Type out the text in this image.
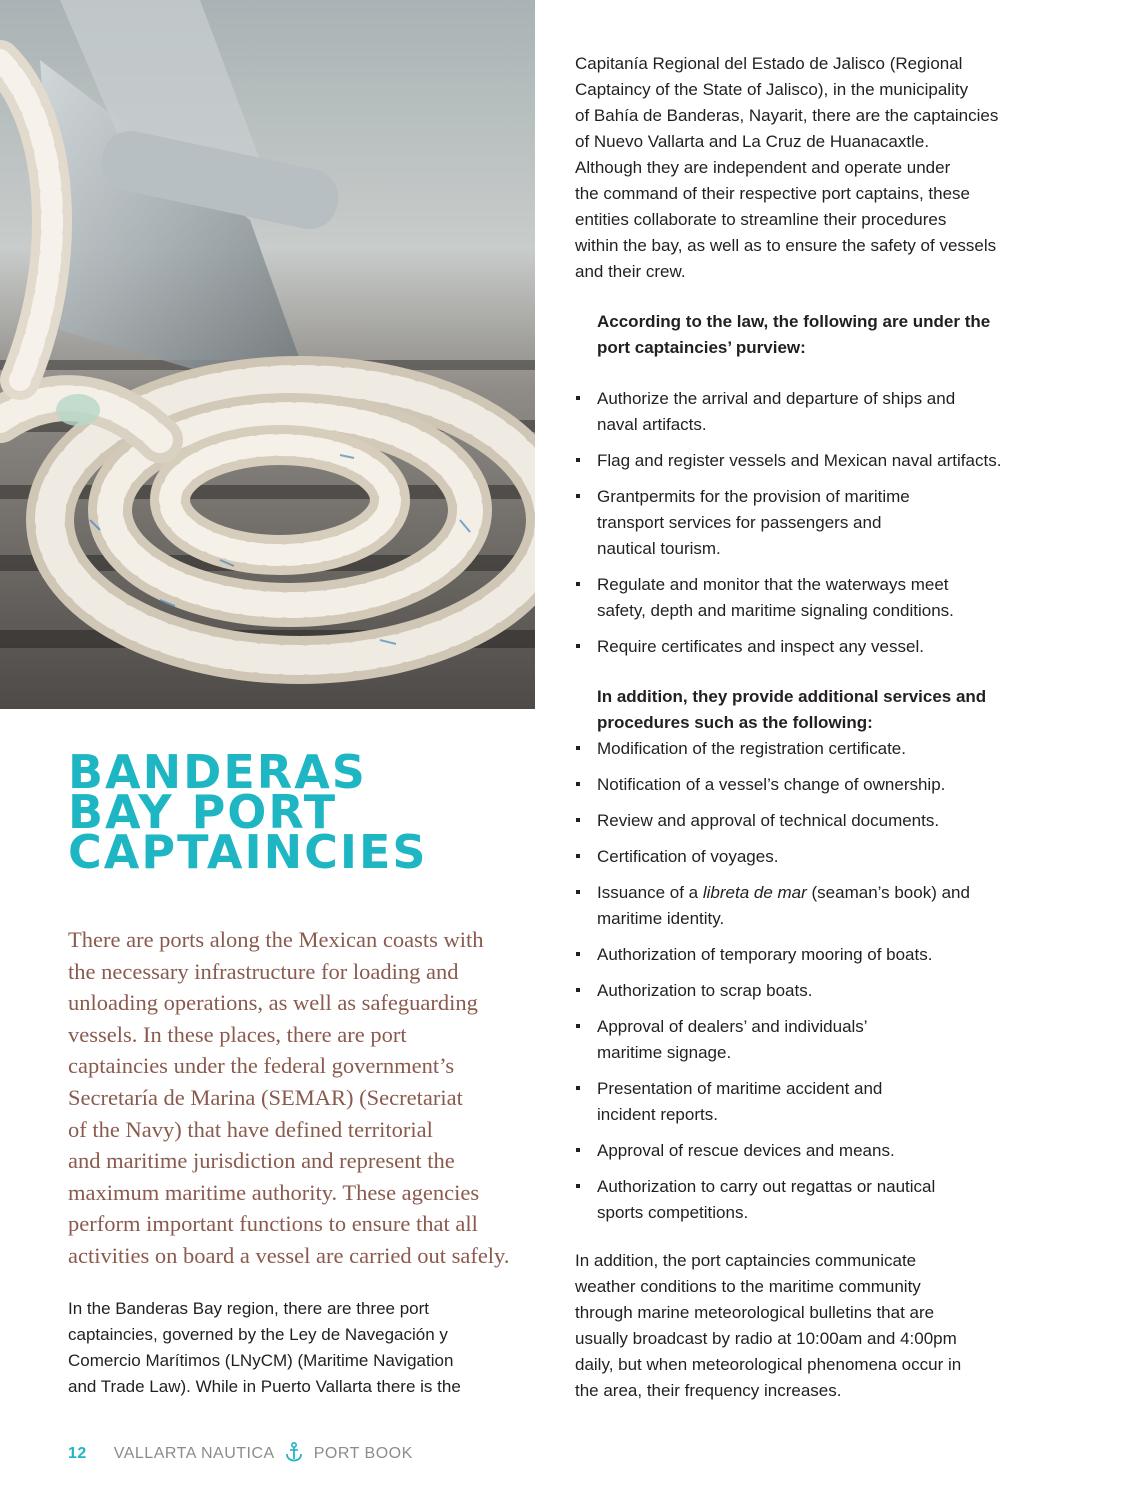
BANDERAS
BAY PORT
CAPTAINCIES
There are ports along the Mexican coasts with
the necessary infrastructure for loading and
unloading operations, as well as safeguarding
vessels. In these places, there are port
captaincies under the federal government’s
Secretaría de Marina (SEMAR) (Secretariat
of the Navy) that have defined territorial
and maritime jurisdiction and represent the
maximum maritime authority. These agencies
perform important functions to ensure that all
activities on board a vessel are carried out safely.
In the Banderas Bay region, there are three port
captaincies, governed by the Ley de Navegación y
Comercio Marítimos (LNyCM) (Maritime Navigation
and Trade Law). While in Puerto Vallarta there is the
Capitanía Regional del Estado de Jalisco (Regional
Captaincy of the State of Jalisco), in the municipality
of Bahía de Banderas, Nayarit, there are the captaincies
of Nuevo Vallarta and La Cruz de Huanacaxtle.
Although they are independent and operate under
the command of their respective port captains, these
entities collaborate to streamline their procedures
within the bay, as well as to ensure the safety of vessels
and their crew.
According to the law, the following are under the
port captaincies’ purview:
Authorize the arrival and departure of ships and
naval artifacts.
Flag and register vessels and Mexican naval artifacts.
Grantpermits for the provision of maritime
transport services for passengers and
nautical tourism.
Regulate and monitor that the waterways meet
safety, depth and maritime signaling conditions.
Require certificates and inspect any vessel.
In addition, they provide additional services and
procedures such as the following:
Modification of the registration certificate.
Notification of a vessel’s change of ownership.
Review and approval of technical documents.
Certification of voyages.
Issuance of a libreta de mar (seaman’s book) and
maritime identity.
Authorization of temporary mooring of boats.
Authorization to scrap boats.
Approval of dealers’ and individuals’
maritime signage.
Presentation of maritime accident and
incident reports.
Approval of rescue devices and means.
Authorization to carry out regattas or nautical
sports competitions.
In addition, the port captaincies communicate
weather conditions to the maritime community
through marine meteorological bulletins that are
usually broadcast by radio at 10:00am and 4:00pm
daily, but when meteorological phenomena occur in
the area, their frequency increases.
12 VALLARTA NAUTICA PORT BOOK
